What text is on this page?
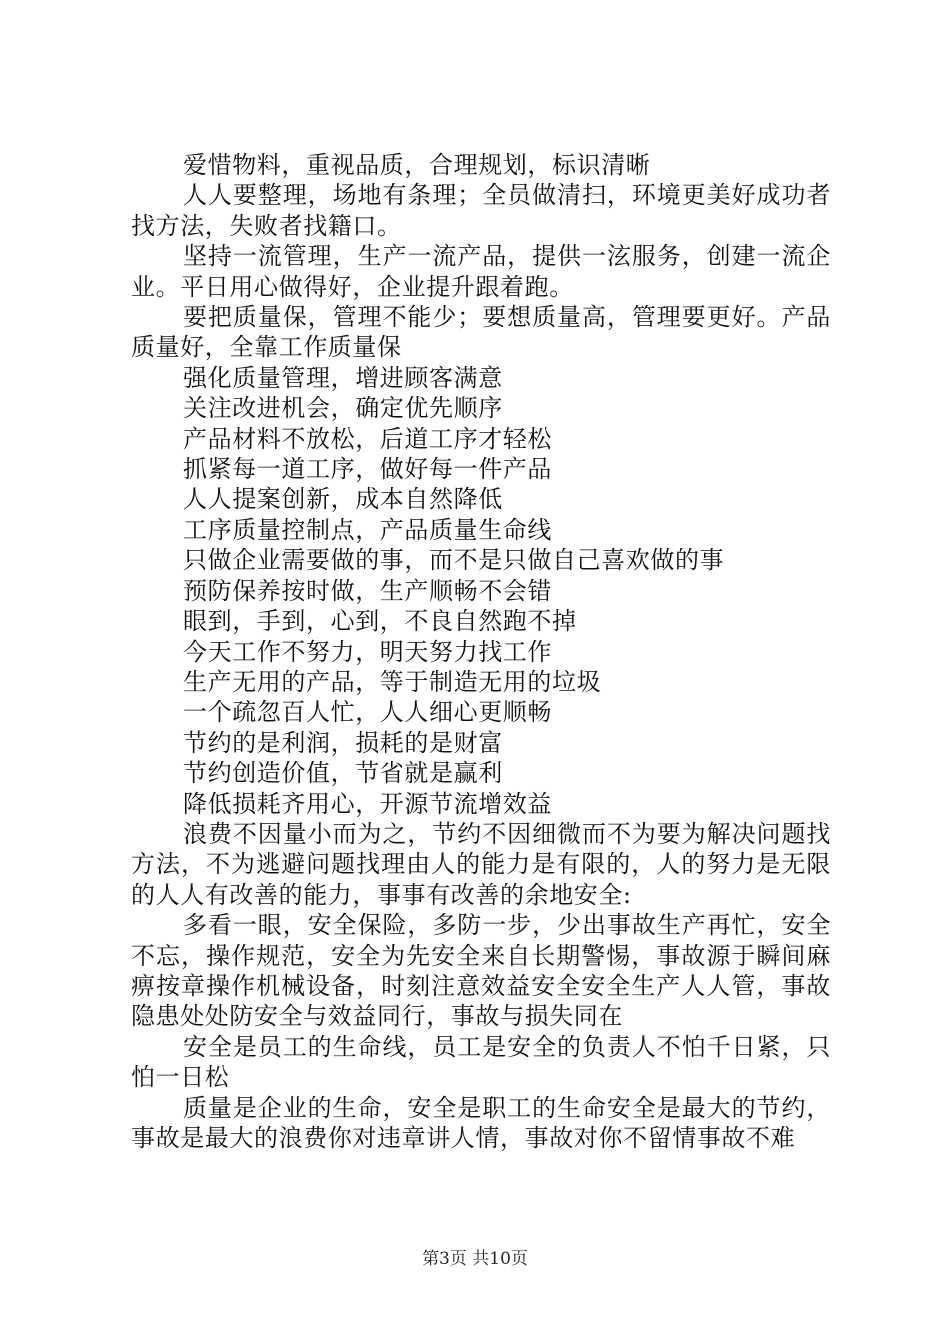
爱惜物料，重视品质，合理规划，标识清晰

人人要整理，场地有条理；全员做清扫，环境更美好成功者找方法，失败者找籍口。

坚持一流管理，生产一流产品，提供一泫服务，创建一流企业。平日用心做得好，企业提升跟着跑。

要把质量保，管理不能少；要想质量高，管理要更好。产品质量好，全靠工作质量保

强化质量管理，增进顾客满意

关注改进机会，确定优先顺序

产品材料不放松，后道工序才轻松

抓紧每一道工序，做好每一件产品

人人提案创新，成本自然降低

工序质量控制点，产品质量生命线

只做企业需要做的事，而不是只做自己喜欢做的事

预防保养按时做，生产顺畅不会错

眼到，手到，心到，不良自然跑不掉

今天工作不努力，明天努力找工作

生产无用的产品，等于制造无用的垃圾

一个疏忽百人忙，人人细心更顺畅

节约的是利润，损耗的是财富

节约创造价值，节省就是赢利

降低损耗齐用心，开源节流增效益

浪费不因量小而为之，节约不因细微而不为要为解决问题找方法，不为逃避问题找理由人的能力是有限的，人的努力是无限的人人有改善的能力，事事有改善的余地安全:

多看一眼，安全保险，多防一步，少出事故生产再忙，安全不忘，操作规范，安全为先安全来自长期警惕，事故源于瞬间麻痹按章操作机械设备，时刻注意效益安全安全生产人人管，事故隐患处处防安全与效益同行，事故与损失同在

安全是员工的生命线，员工是安全的负责人不怕千日紧，只怕一日松

质量是企业的生命，安全是职工的生命安全是最大的节约，事故是最大的浪费你对违章讲人情，事故对你不留情事故不难

第3页 共10页
